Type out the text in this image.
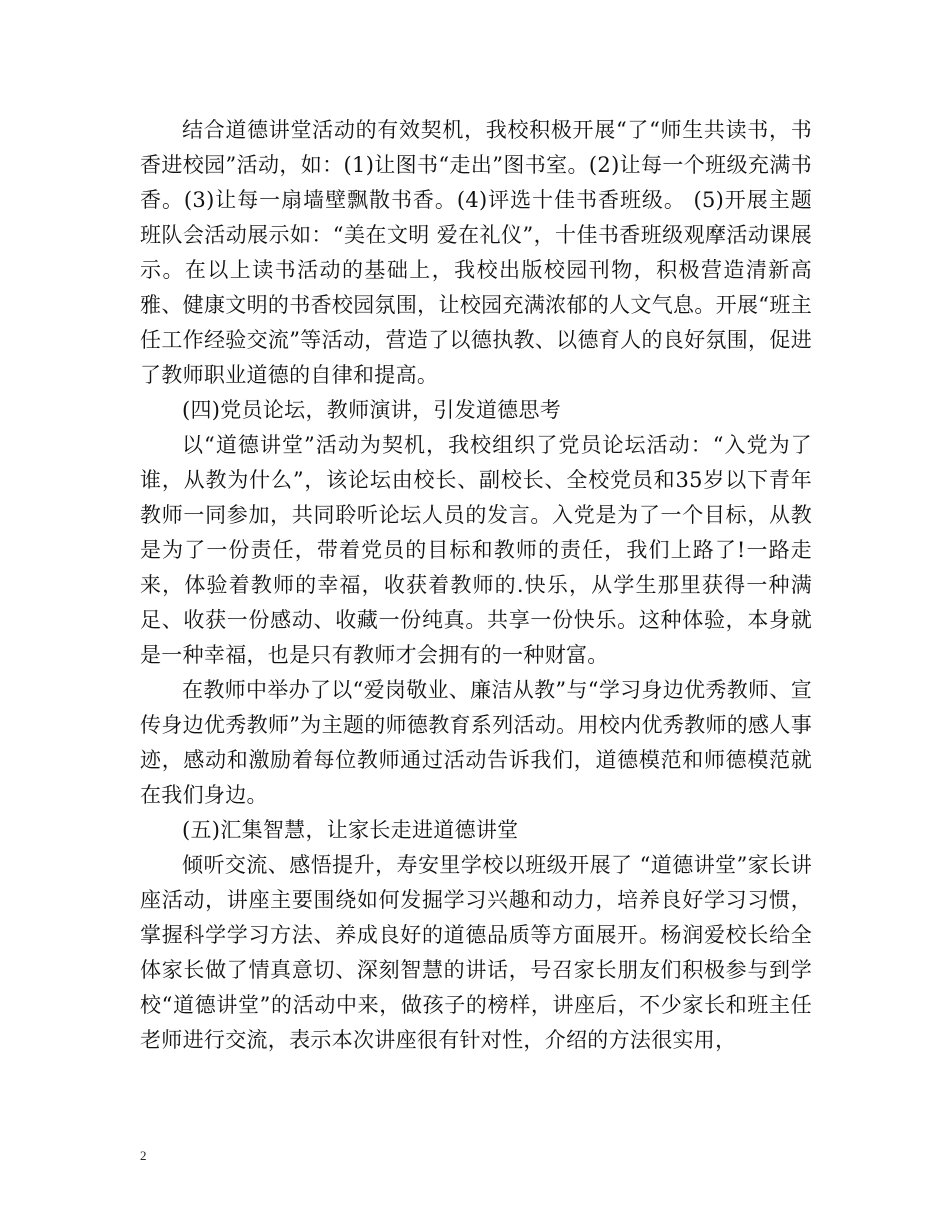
结合道德讲堂活动的有效契机，我校积极开展“了“师生共读书，书香进校园”活动，如：(1)让图书“走出”图书室。(2)让每一个班级充满书香。(3)让每一扇墙壁飘散书香。(4)评选十佳书香班级。 (5)开展主题班队会活动展示如：“美在文明 爱在礼仪”，十佳书香班级观摩活动课展示。在以上读书活动的基础上，我校出版校园刊物，积极营造清新高雅、健康文明的书香校园氛围，让校园充满浓郁的人文气息。开展“班主任工作经验交流”等活动，营造了以德执教、以德育人的良好氛围，促进了教师职业道德的自律和提高。

(四)党员论坛，教师演讲，引发道德思考

以“道德讲堂”活动为契机，我校组织了党员论坛活动：“入党为了谁，从教为什么”，该论坛由校长、副校长、全校党员和35岁以下青年教师一同参加，共同聆听论坛人员的发言。入党是为了一个目标，从教是为了一份责任，带着党员的目标和教师的责任，我们上路了!一路走来，体验着教师的幸福，收获着教师的.快乐，从学生那里获得一种满足、收获一份感动、收藏一份纯真。共享一份快乐。这种体验，本身就是一种幸福，也是只有教师才会拥有的一种财富。

在教师中举办了以“爱岗敬业、廉洁从教”与“学习身边优秀教师、宣传身边优秀教师”为主题的师德教育系列活动。用校内优秀教师的感人事迹，感动和激励着每位教师通过活动告诉我们，道德模范和师德模范就在我们身边。

(五)汇集智慧，让家长走进道德讲堂

倾听交流、感悟提升，寿安里学校以班级开展了 “道德讲堂”家长讲座活动，讲座主要围绕如何发掘学习兴趣和动力，培养良好学习习惯，掌握科学学习方法、养成良好的道德品质等方面展开。杨润爱校长给全体家长做了情真意切、深刻智慧的讲话，号召家长朋友们积极参与到学校“道德讲堂”的活动中来，做孩子的榜样，讲座后，不少家长和班主任老师进行交流，表示本次讲座很有针对性，介绍的方法很实用，

2
